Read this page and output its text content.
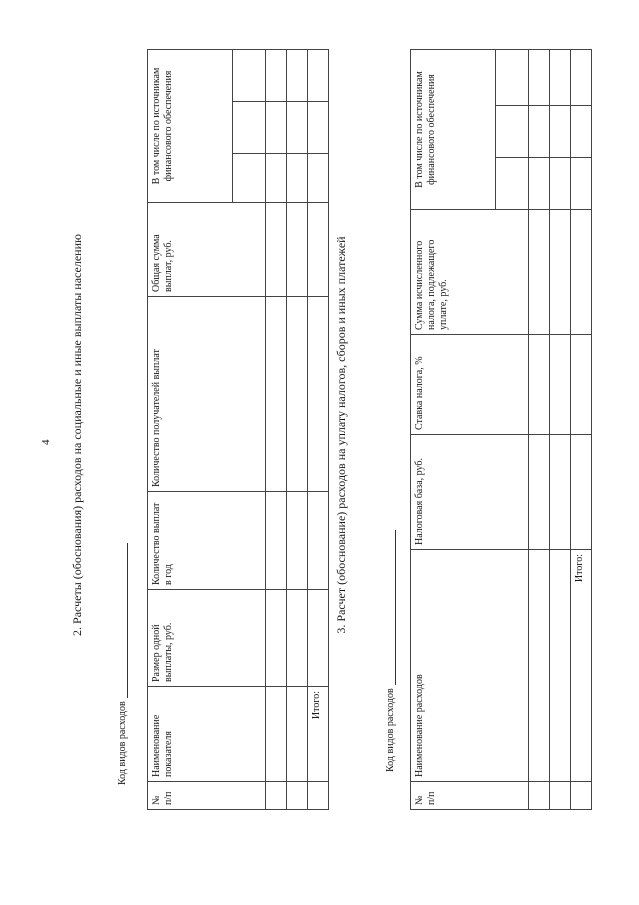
4 2. Расчеты (обоснования) расходов на социальные и иные выплаты населению
Код видов расходов
№ п/п	Наименование показателя	Размер одной выплаты, руб.	Количество выплат в год	Количество получателей выплат	Общая сумма выплат, руб.	В том числе по источникам финансового обеспечения		

	Итого:							
3. Расчет (обоснование) расходов на уплату налогов, сборов и иных платежей
Код видов расходов
№ п/п	Наименование расходов	Налоговая база, руб.	Ставка налога, %	Сумма исчисленного налога, подлежащего уплате, руб.	В том числе по источникам финансового обеспечения		

	Итого:						
